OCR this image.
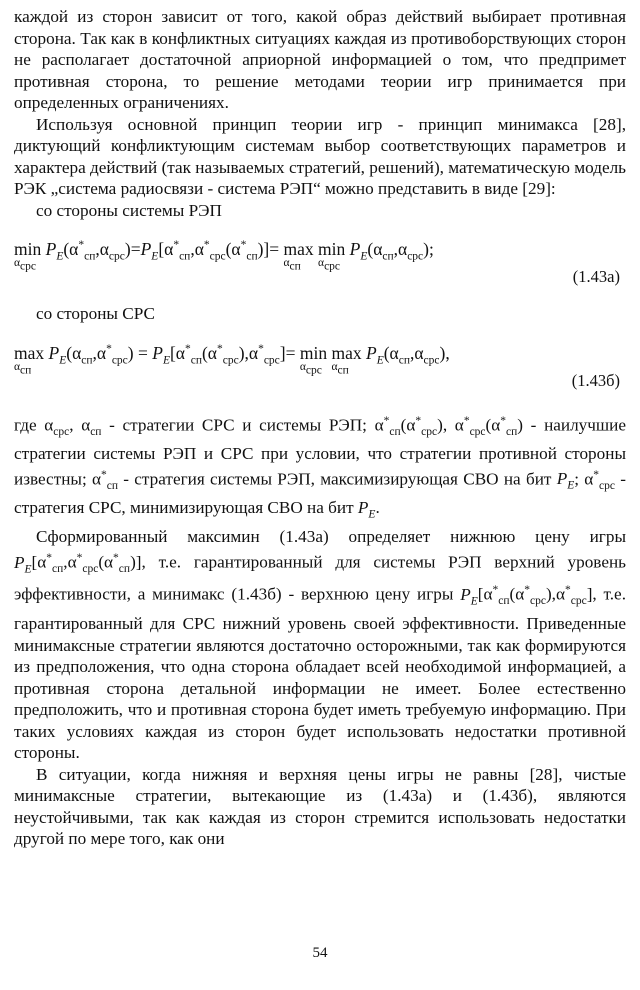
каждой из сторон зависит от того, какой образ действий выбирает противная сторона. Так как в конфликтных ситуациях каждая из противоборствующих сторон не располагает достаточной априорной информацией о том, что предпримет противная сторона, то решение методами теории игр принимается при определенных ограничениях.

Используя основной принцип теории игр - принцип минимакса [28], диктующий конфликтующим системам выбор соответствующих параметров и характера действий (так называемых стратегий, решений), математическую модель РЭК „система радиосвязи - система РЭП“ можно представить в виде [29]:

со стороны системы РЭП
min
$\alpha_{срс}$
$P_E(\alpha^*_{сп},\alpha_{срс})=P_E[\alpha^*_{сп},\alpha^*_{срс}(\alpha^*_{сп})]= \max$
$\alpha_{сп}$
min
$\alpha_{срс}$
$P_E(\alpha_{сп},\alpha_{срс})$;
(1.43а)
со стороны СРС
max
$\alpha_{сп}$
$P_E(\alpha_{сп},\alpha^*_{срс}) = P_E[\alpha^*_{сп}(\alpha^*_{срс}),\alpha^*_{срс}]= \min$
$\alpha_{срс}$
max
$\alpha_{сп}$
$P_E(\alpha_{сп},\alpha_{срс})$,
(1.43б)

где $\alpha_{срс}$, $\alpha_{сп}$ - стратегии СРС и системы РЭП; $\alpha^*_{сп}(\alpha^*_{срс})$, $\alpha^*_{срс}(\alpha^*_{сп})$ - наилучшие стратегии системы РЭП и СРС при условии, что стратегии противной стороны известны; $\alpha^*_{сп}$ - стратегия системы РЭП, максимизирующая СВО на бит $P_E$; $\alpha^*_{срс}$ - стратегия СРС, минимизирующая СВО на бит $P_E$.

Сформированный максимин (1.43а) определяет нижнюю цену игры $P_E[\alpha^*_{сп},\alpha^*_{срс}(\alpha^*_{сп})]$, т.е. гарантированный для системы РЭП верхний уровень эффективности, а минимакс (1.43б) - верхнюю цену игры $P_E[\alpha^*_{сп}(\alpha^*_{срс}),\alpha^*_{срс}]$, т.е. гарантированный для СРС нижний уровень своей эффективности. Приведенные минимаксные стратегии являются достаточно осторожными, так как формируются из предположения, что одна сторона обладает всей необходимой информацией, а противная сторона детальной информации не имеет. Более естественно предположить, что и противная сторона будет иметь требуемую информацию. При таких условиях каждая из сторон будет использовать недостатки противной стороны.

В ситуации, когда нижняя и верхняя цены игры не равны [28], чистые минимаксные стратегии, вытекающие из (1.43а) и (1.43б), являются неустойчивыми, так как каждая из сторон стремится использовать недостатки другой по мере того, как они

54
